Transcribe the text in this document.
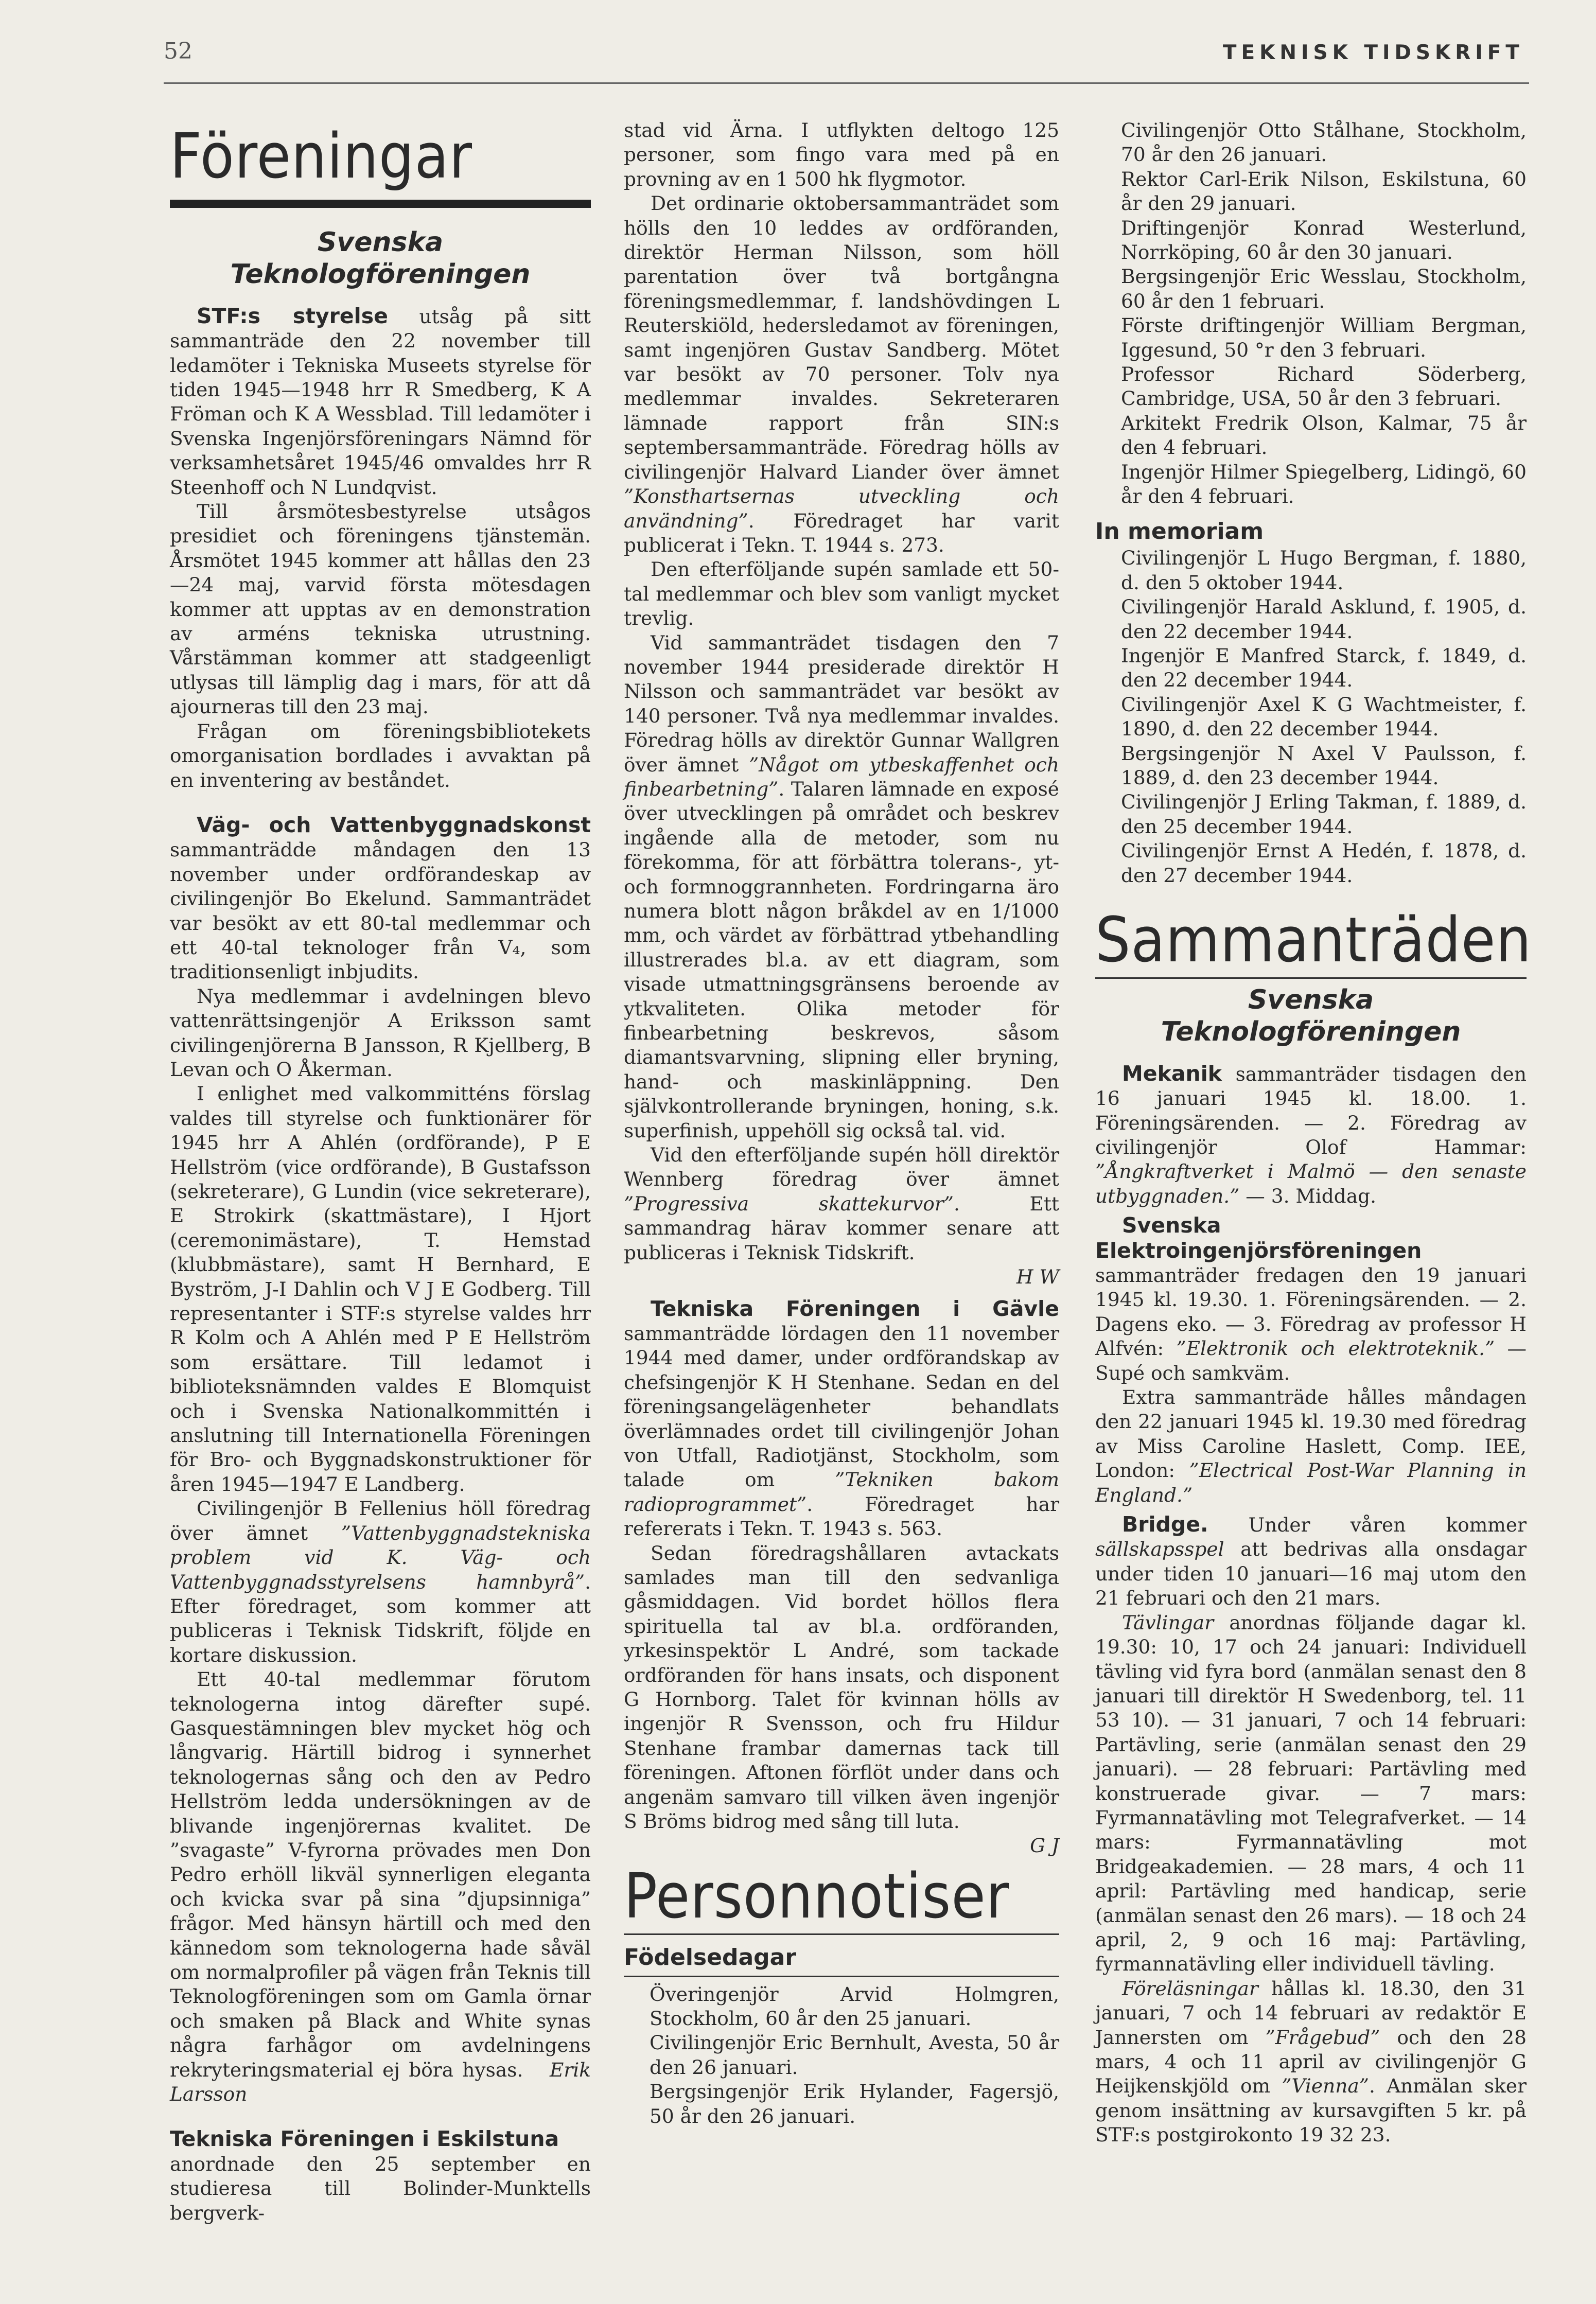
52	TEKNISK TIDSKRIFT
Föreningar
Svenska Teknologföreningen

STF:s styrelse utsåg på sitt sammanträde den 22 november till ledamöter i Tekniska Museets styrelse för tiden 1945—1948 hrr R Smedberg, K A Fröman och K A Wessblad. Till ledamöter i Svenska Ingenjörsföreningars Nämnd för verksamhetsåret 1945/46 omvaldes hrr R Steenhoff och N Lundqvist.

Till årsmötesbestyrelse utsågos presidiet och föreningens tjänstemän. Årsmötet 1945 kommer att hållas den 23—24 maj, varvid första mötesdagen kommer att upptas av en demonstration av arméns tekniska utrustning. Vårstämman kommer att stadgeenligt utlysas till lämplig dag i mars, för att då ajourneras till den 23 maj.

Frågan om föreningsbibliotekets omorganisation bordlades i avvaktan på en inventering av beståndet.

Väg- och Vattenbyggnadskonst sammanträdde måndagen den 13 november under ordförandeskap av civilingenjör Bo Ekelund. Sammanträdet var besökt av ett 80-tal medlemmar och ett 40-tal teknologer från V₄, som traditionsenligt inbjudits.

Nya medlemmar i avdelningen blevo vattenrättsingenjör A Eriksson samt civilingenjörerna B Jansson, R Kjellberg, B Levan och O Åkerman.

I enlighet med valkommitténs förslag valdes till styrelse och funktionärer för 1945 hrr A Ahlén (ordförande), P E Hellström (vice ordförande), B Gustafsson (sekreterare), G Lundin (vice sekreterare), E Strokirk (skattmästare), I Hjort (ceremonimästare), T. Hemstad (klubbmästare), samt H Bernhard, E Byström, J-I Dahlin och V J E Godberg. Till representanter i STF:s styrelse valdes hrr R Kolm och A Ahlén med P E Hellström som ersättare. Till ledamot i biblioteksnämnden valdes E Blomquist och i Svenska Nationalkommittén i anslutning till Internationella Föreningen för Bro- och Byggnadskonstruktioner för åren 1945—1947 E Landberg.

Civilingenjör B Fellenius höll föredrag över ämnet ”Vattenbyggnadstekniska problem vid K. Väg- och Vattenbyggnadsstyrelsens hamnbyrå”. Efter föredraget, som kommer att publiceras i Teknisk Tidskrift, följde en kortare diskussion.

Ett 40-tal medlemmar förutom teknologerna intog därefter supé. Gasquestämningen blev mycket hög och långvarig. Härtill bidrog i synnerhet teknologernas sång och den av Pedro Hellström ledda undersökningen av de blivande ingenjörernas kvalitet. De ”svagaste” V-fyrorna prövades men Don Pedro erhöll likväl synnerligen eleganta och kvicka svar på sina ”djupsinniga” frågor. Med hänsyn härtill och med den kännedom som teknologerna hade såväl om normalprofiler på vägen från Teknis till Teknologföreningen som om Gamla örnar och smaken på Black and White synas några farhågor om avdelningens rekryteringsmaterial ej böra hysas. Erik Larsson

Tekniska Föreningen i Eskilstuna

anordnade den 25 september en studieresa till Bolinder-Munktells bergverk-

stad vid Ärna. I utflykten deltogo 125 personer, som fingo vara med på en provning av en 1 500 hk flygmotor.

Det ordinarie oktobersammanträdet som hölls den 10 leddes av ordföranden, direktör Herman Nilsson, som höll parentation över två bortgångna föreningsmedlemmar, f. landshövdingen L Reuterskiöld, hedersledamot av föreningen, samt ingenjören Gustav Sandberg. Mötet var besökt av 70 personer. Tolv nya medlemmar invaldes. Sekreteraren lämnade rapport från SIN:s septembersammanträde. Föredrag hölls av civilingenjör Halvard Liander över ämnet ”Konsthartsernas utveckling och användning”. Föredraget har varit publicerat i Tekn. T. 1944 s. 273.

Den efterföljande supén samlade ett 50-tal medlemmar och blev som vanligt mycket trevlig.

Vid sammanträdet tisdagen den 7 november 1944 presiderade direktör H Nilsson och sammanträdet var besökt av 140 personer. Två nya medlemmar invaldes. Föredrag hölls av direktör Gunnar Wallgren över ämnet ”Något om ytbeskaffenhet och finbearbetning”. Talaren lämnade en exposé över utvecklingen på området och beskrev ingående alla de metoder, som nu förekomma, för att förbättra tolerans-, yt- och formnoggrannheten. Fordringarna äro numera blott någon bråkdel av en 1/1000 mm, och värdet av förbättrad ytbehandling illustrerades bl.a. av ett diagram, som visade utmattningsgränsens beroende av ytkvaliteten. Olika metoder för finbearbetning beskrevos, såsom diamantsvarvning, slipning eller bryning, hand- och maskinläppning. Den självkontrollerande bryningen, honing, s.k. superfinish, uppehöll sig också tal. vid.

Vid den efterföljande supén höll direktör Wennberg föredrag över ämnet ”Progressiva skattekurvor”. Ett sammandrag härav kommer senare att publiceras i Teknisk Tidskrift.

H W

Tekniska Föreningen i Gävle sammanträdde lördagen den 11 november 1944 med damer, under ordförandskap av chefsingenjör K H Stenhane. Sedan en del föreningsangelägenheter behandlats överlämnades ordet till civilingenjör Johan von Utfall, Radiotjänst, Stockholm, som talade om ”Tekniken bakom radioprogrammet”. Föredraget har refererats i Tekn. T. 1943 s. 563.

Sedan föredragshållaren avtackats samlades man till den sedvanliga gåsmiddagen. Vid bordet höllos flera spirituella tal av bl.a. ordföranden, yrkesinspektör L André, som tackade ordföranden för hans insats, och disponent G Hornborg. Talet för kvinnan hölls av ingenjör R Svensson, och fru Hildur Stenhane frambar damernas tack till föreningen. Aftonen förflöt under dans och angenäm samvaro till vilken även ingenjör S Bröms bidrog med sång till luta.

G J

Personnotiser
Födelsedagar

Överingenjör Arvid Holmgren, Stockholm, 60 år den 25 januari.

Civilingenjör Eric Bernhult, Avesta, 50 år den 26 januari.

Bergsingenjör Erik Hylander, Fagersjö, 50 år den 26 januari.

Civilingenjör Otto Stålhane, Stockholm, 70 år den 26 januari.

Rektor Carl-Erik Nilson, Eskilstuna, 60 år den 29 januari.

Driftingenjör Konrad Westerlund, Norrköping, 60 år den 30 januari.

Bergsingenjör Eric Wesslau, Stockholm, 60 år den 1 februari.

Förste driftingenjör William Bergman, Iggesund, 50 °r den 3 februari.

Professor Richard Söderberg, Cambridge, USA, 50 år den 3 februari.

Arkitekt Fredrik Olson, Kalmar, 75 år den 4 februari.

Ingenjör Hilmer Spiegelberg, Lidingö, 60 år den 4 februari.

In memoriam

Civilingenjör L Hugo Bergman, f. 1880, d. den 5 oktober 1944.

Civilingenjör Harald Asklund, f. 1905, d. den 22 december 1944.

Ingenjör E Manfred Starck, f. 1849, d. den 22 december 1944.

Civilingenjör Axel K G Wachtmeister, f. 1890, d. den 22 december 1944.

Bergsingenjör N Axel V Paulsson, f. 1889, d. den 23 december 1944.

Civilingenjör J Erling Takman, f. 1889, d. den 25 december 1944.

Civilingenjör Ernst A Hedén, f. 1878, d. den 27 december 1944.

Sammanträden
Svenska Teknologföreningen

Mekanik sammanträder tisdagen den 16 januari 1945 kl. 18.00. 1. Föreningsärenden. — 2. Föredrag av civilingenjör Olof Hammar: ”Ångkraftverket i Malmö — den senaste utbyggnaden.” — 3. Middag.

Svenska Elektroingenjörsföreningen sammanträder fredagen den 19 januari 1945 kl. 19.30. 1. Föreningsärenden. — 2. Dagens eko. — 3. Föredrag av professor H Alfvén: ”Elektronik och elektroteknik.” — Supé och samkväm.

Extra sammanträde hålles måndagen den 22 januari 1945 kl. 19.30 med föredrag av Miss Caroline Haslett, Comp. IEE, London: ”Electrical Post-War Planning in England.”

Bridge. Under våren kommer sällskapsspel att bedrivas alla onsdagar under tiden 10 januari—16 maj utom den 21 februari och den 21 mars.

Tävlingar anordnas följande dagar kl. 19.30: 10, 17 och 24 januari: Individuell tävling vid fyra bord (anmälan senast den 8 januari till direktör H Swedenborg, tel. 11 53 10). — 31 januari, 7 och 14 februari: Partävling, serie (anmälan senast den 29 januari). — 28 februari: Partävling med konstruerade givar. — 7 mars: Fyrmannatävling mot Telegrafverket. — 14 mars: Fyrmannatävling mot Bridgeakademien. — 28 mars, 4 och 11 april: Partävling med handicap, serie (anmälan senast den 26 mars). — 18 och 24 april, 2, 9 och 16 maj: Partävling, fyrmannatävling eller individuell tävling.

Föreläsningar hållas kl. 18.30, den 31 januari, 7 och 14 februari av redaktör E Jannersten om ”Frågebud” och den 28 mars, 4 och 11 april av civilingenjör G Heijkenskjöld om ”Vienna”. Anmälan sker genom insättning av kursavgiften 5 kr. på STF:s postgirokonto 19 32 23.
